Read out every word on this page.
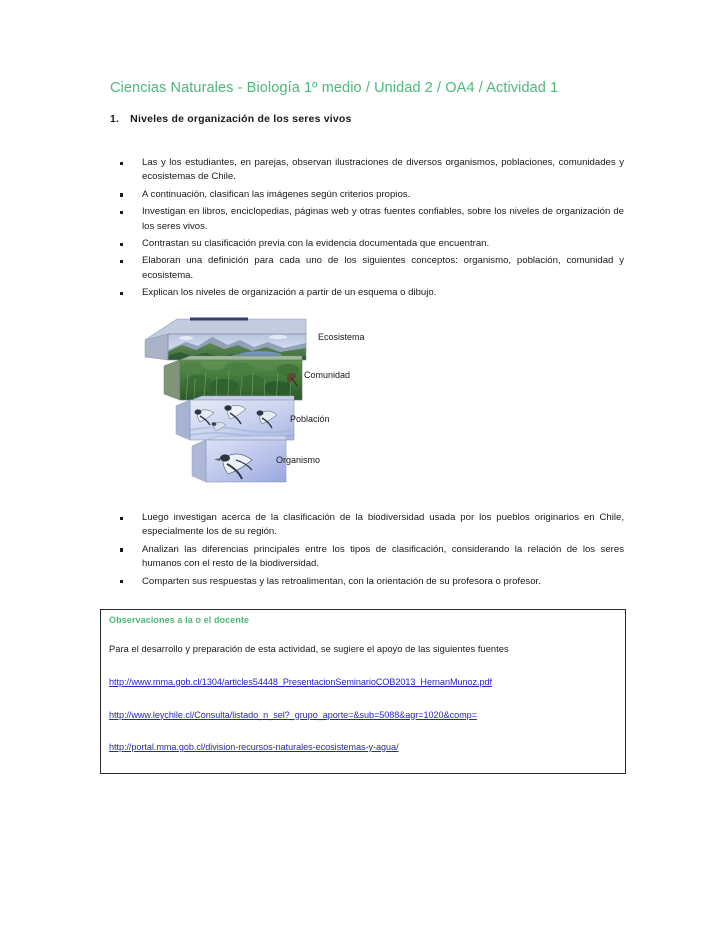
Ciencias Naturales - Biología 1º medio / Unidad 2 / OA4 / Actividad 1
1. Niveles de organización de los seres vivos
Las y los estudiantes, en parejas, observan ilustraciones de diversos organismos, poblaciones, comunidades y ecosistemas de Chile.
A continuación, clasifican las imágenes según criterios propios.
Investigan en libros, enciclopedias, páginas web y otras fuentes confiables, sobre los niveles de organización de los seres vivos.
Contrastan su clasificación previa con la evidencia documentada que encuentran.
Elaboran una definición para cada uno de los siguientes conceptos: organismo, población, comunidad y ecosistema.
Explican los niveles de organización a partir de un esquema o dibujo.
Ecosistema
Comunidad
Población
Organismo
Luego investigan acerca de la clasificación de la biodiversidad usada por los pueblos originarios en Chile, especialmente los de su región.
Analizan las diferencias principales entre los tipos de clasificación, considerando la relación de los seres humanos con el resto de la biodiversidad.
Comparten sus respuestas y las retroalimentan, con la orientación de su profesora o profesor.
Observaciones a la o el docente
Para el desarrollo y preparación de esta actividad, se sugiere el apoyo de las siguientes fuentes
http://www.mma.gob.cl/1304/articles54448_PresentacionSeminarioCOB2013_HernanMunoz.pdf
http://www.leychile.cl/Consulta/listado_n_sel?_grupo_aporte=&sub=5088&agr=1020&comp=
http://portal.mma.gob.cl/division-recursos-naturales-ecosistemas-y-agua/
